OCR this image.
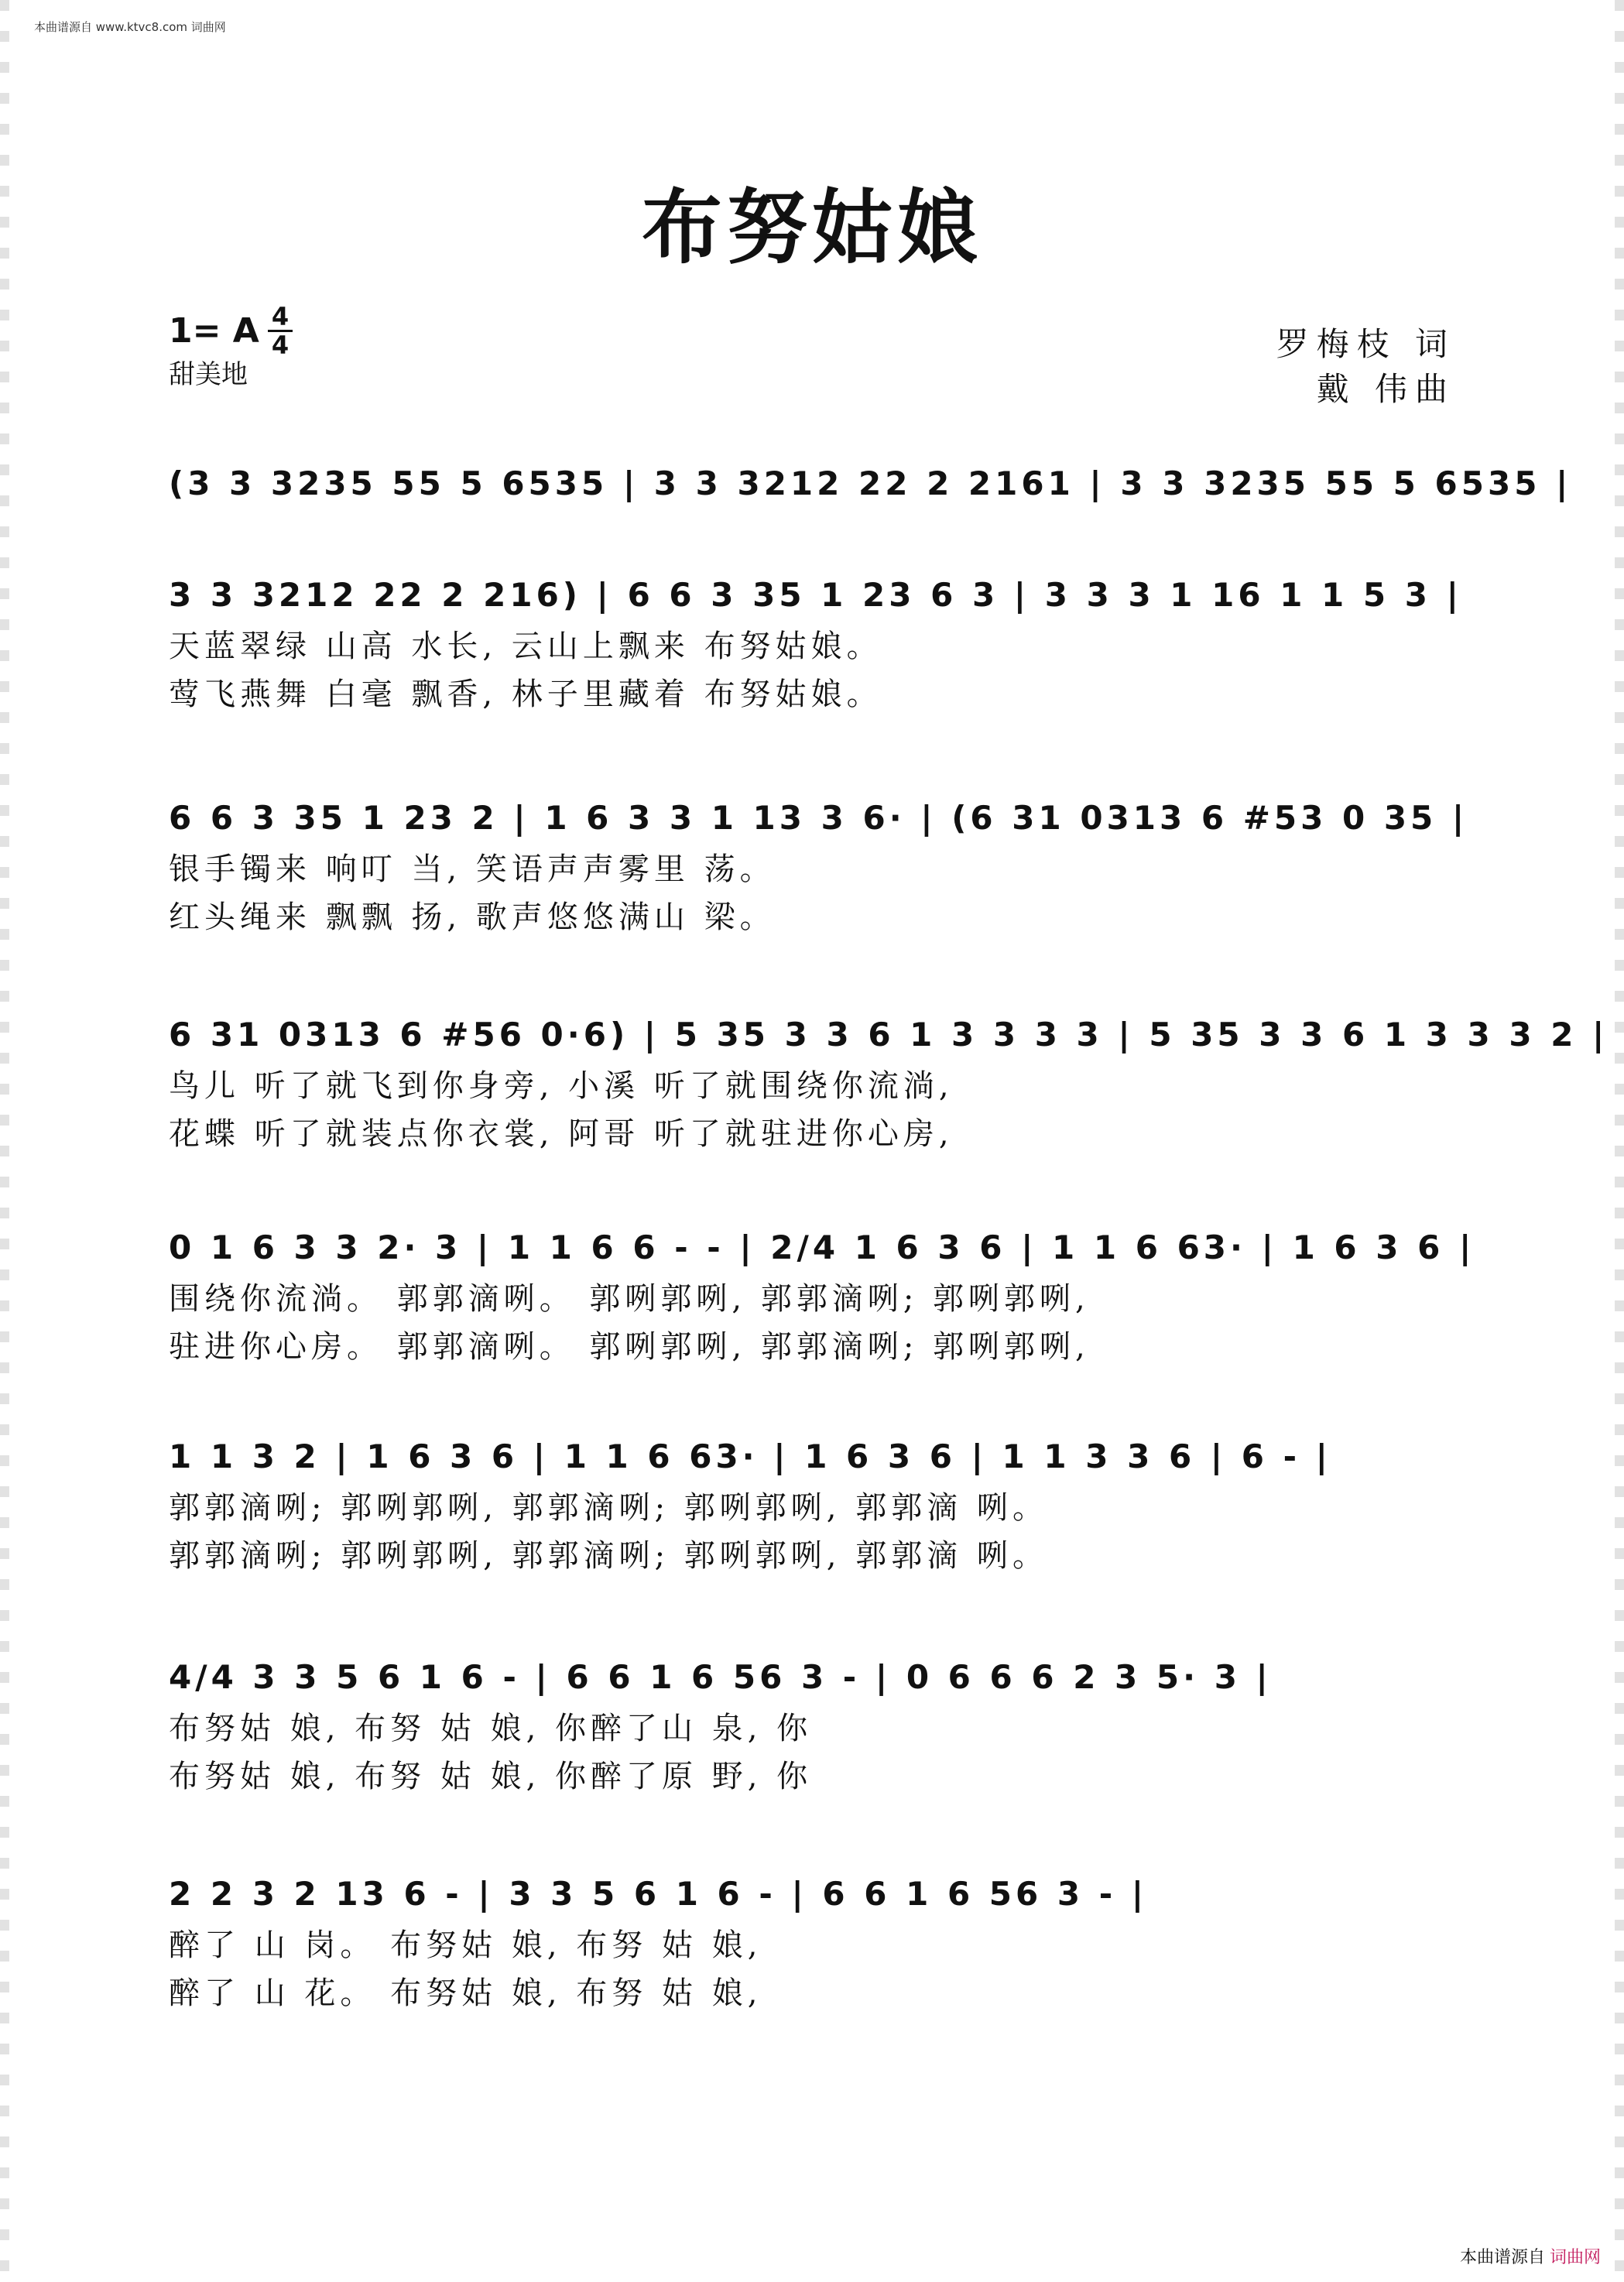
本曲谱源自 www.ktvc8.com 词曲网
布努姑娘
1= A 4
4
甜美地
罗梅枝 词
戴 伟曲
(3 3 3235 55 5 6535 | 3 3 3212 22 2 2161 | 3 3 3235 55 5 6535 |
3 3 3212 22 2 216) | 6 6 3 35 1 23 6 3 | 3 3 3 1 16 1 1 5 3 |
天蓝翠绿 山高 水长, 云山上飘来 布努姑娘。
莺飞燕舞 白毫 飘香, 林子里藏着 布努姑娘。
6 6 3 35 1 23 2 | 1 6 3 3 1 13 3 6· | (6 31 0313 6 #53 0 35 |
银手镯来 响叮 当, 笑语声声雾里 荡。
红头绳来 飘飘 扬, 歌声悠悠满山 梁。
6 31 0313 6 #56 0·6) | 5 35 3 3 6 1 3 3 3 3 | 5 35 3 3 6 1 3 3 3 2 |
鸟儿 听了就飞到你身旁, 小溪 听了就围绕你流淌,
花蝶 听了就装点你衣裳, 阿哥 听了就驻进你心房,
0 1 6 3 3 2· 3 | 1 1 6 6 - - | 2/4 1 6 3 6 | 1 1 6 63· | 1 6 3 6 |
围绕你流淌。 郭郭滴咧。 郭咧郭咧, 郭郭滴咧; 郭咧郭咧,
驻进你心房。 郭郭滴咧。 郭咧郭咧, 郭郭滴咧; 郭咧郭咧,
1 1 3 2 | 1 6 3 6 | 1 1 6 63· | 1 6 3 6 | 1 1 3 3 6 | 6 - |
郭郭滴咧; 郭咧郭咧, 郭郭滴咧; 郭咧郭咧, 郭郭滴 咧。
郭郭滴咧; 郭咧郭咧, 郭郭滴咧; 郭咧郭咧, 郭郭滴 咧。
4/4 3 3 5 6 1 6 - | 6 6 1 6 56 3 - | 0 6 6 6 2 3 5· 3 |
布努姑 娘, 布努 姑 娘, 你醉了山 泉, 你
布努姑 娘, 布努 姑 娘, 你醉了原 野, 你
2 2 3 2 13 6 - | 3 3 5 6 1 6 - | 6 6 1 6 56 3 - |
醉了 山 岗。 布努姑 娘, 布努 姑 娘,
醉了 山 花。 布努姑 娘, 布努 姑 娘,
本曲谱源自 词曲网
